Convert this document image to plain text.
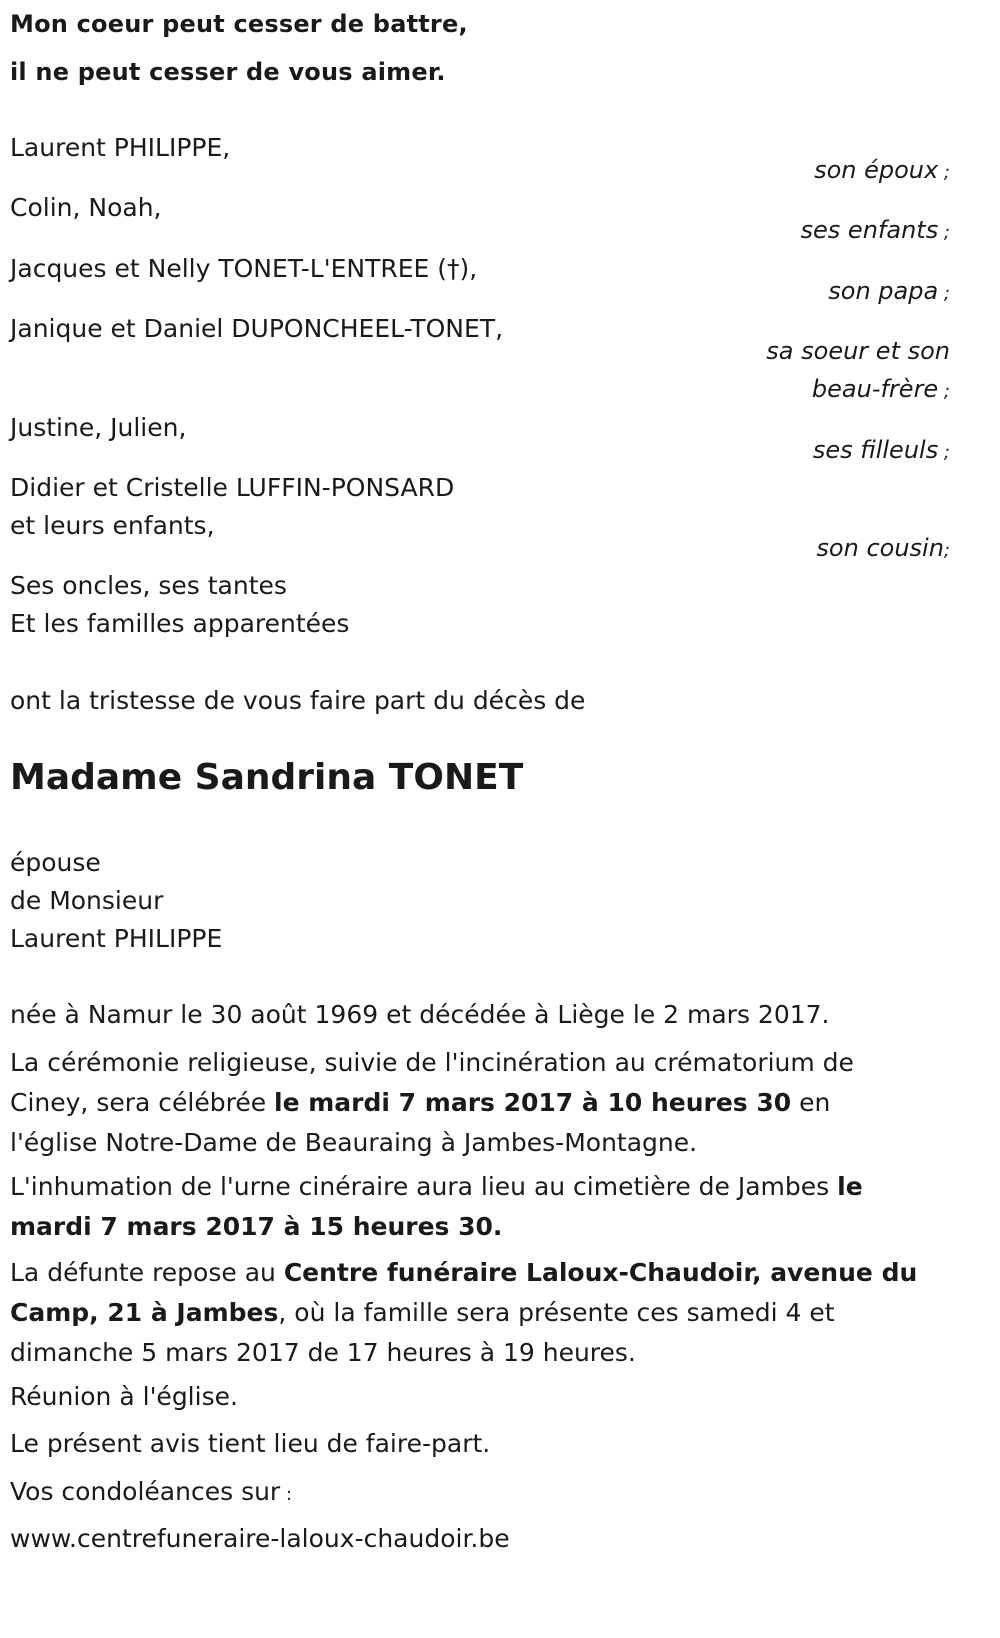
Mon coeur peut cesser de battre,

il ne peut cesser de vous aimer.

Laurent PHILIPPE,

Colin, Noah,

Jacques et Nelly TONET-L'ENTREE (†),

Janique et Daniel DUPONCHEEL-TONET,

Justine, Julien,

Didier et Cristelle LUFFIN-PONSARD

et leurs enfants,

Ses oncles, ses tantes

Et les familles apparentées

son époux ;

ses enfants ;

son papa ;

sa soeur et son

beau-frère ;

ses filleuls ;

son cousin;

ont la tristesse de vous faire part du décès de

Madame Sandrina TONET

épouse

de Monsieur

Laurent PHILIPPE

née à Namur le 30 août 1969 et décédée à Liège le 2 mars 2017.

La cérémonie religieuse, suivie de l'incinération au crématorium de Ciney, sera célébrée le mardi 7 mars 2017 à 10 heures 30 en l'église Notre-Dame de Beauraing à Jambes-Montagne.

L'inhumation de l'urne cinéraire aura lieu au cimetière de Jambes le mardi 7 mars 2017 à 15 heures 30.

La défunte repose au Centre funéraire Laloux-Chaudoir, avenue du Camp, 21 à Jambes, où la famille sera présente ces samedi 4 et dimanche 5 mars 2017 de 17 heures à 19 heures.

Réunion à l'église.

Le présent avis tient lieu de faire-part.

Vos condoléances sur :

www.centrefuneraire-laloux-chaudoir.be
